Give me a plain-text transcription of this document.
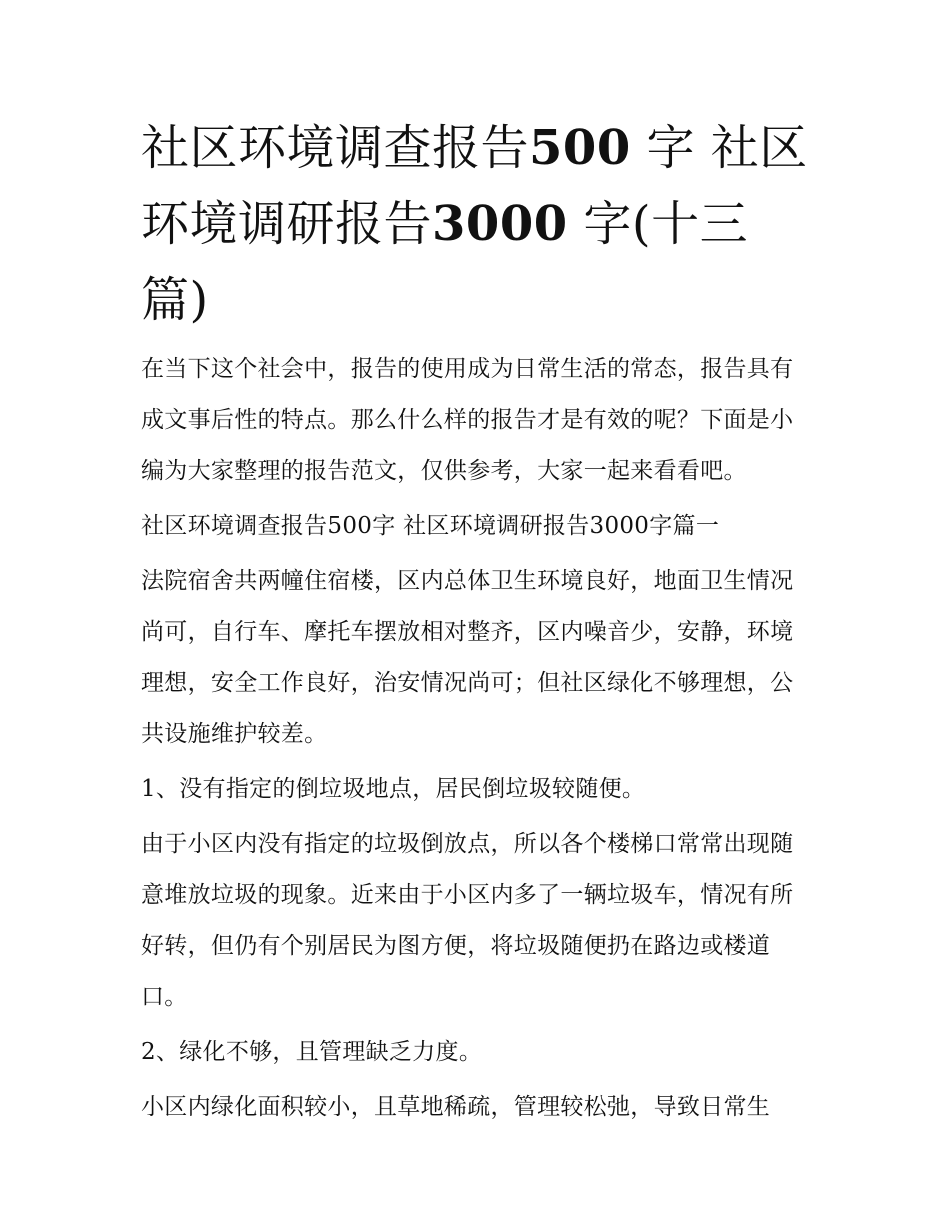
社区环境调查报告500 字 社区环境调研报告3000 字(十三篇)

在当下这个社会中，报告的使用成为日常生活的常态，报告具有成文事后性的特点。那么什么样的报告才是有效的呢？下面是小编为大家整理的报告范文，仅供参考，大家一起来看看吧。

社区环境调查报告500字 社区环境调研报告3000字篇一

法院宿舍共两幢住宿楼，区内总体卫生环境良好，地面卫生情况尚可，自行车、摩托车摆放相对整齐，区内噪音少，安静，环境理想，安全工作良好，治安情况尚可；但社区绿化不够理想，公共设施维护较差。

1、没有指定的倒垃圾地点，居民倒垃圾较随便。

由于小区内没有指定的垃圾倒放点，所以各个楼梯口常常出现随意堆放垃圾的现象。近来由于小区内多了一辆垃圾车，情况有所好转，但仍有个别居民为图方便，将垃圾随便扔在路边或楼道口。

2、绿化不够，且管理缺乏力度。

小区内绿化面积较小，且草地稀疏，管理较松弛，导致日常生
